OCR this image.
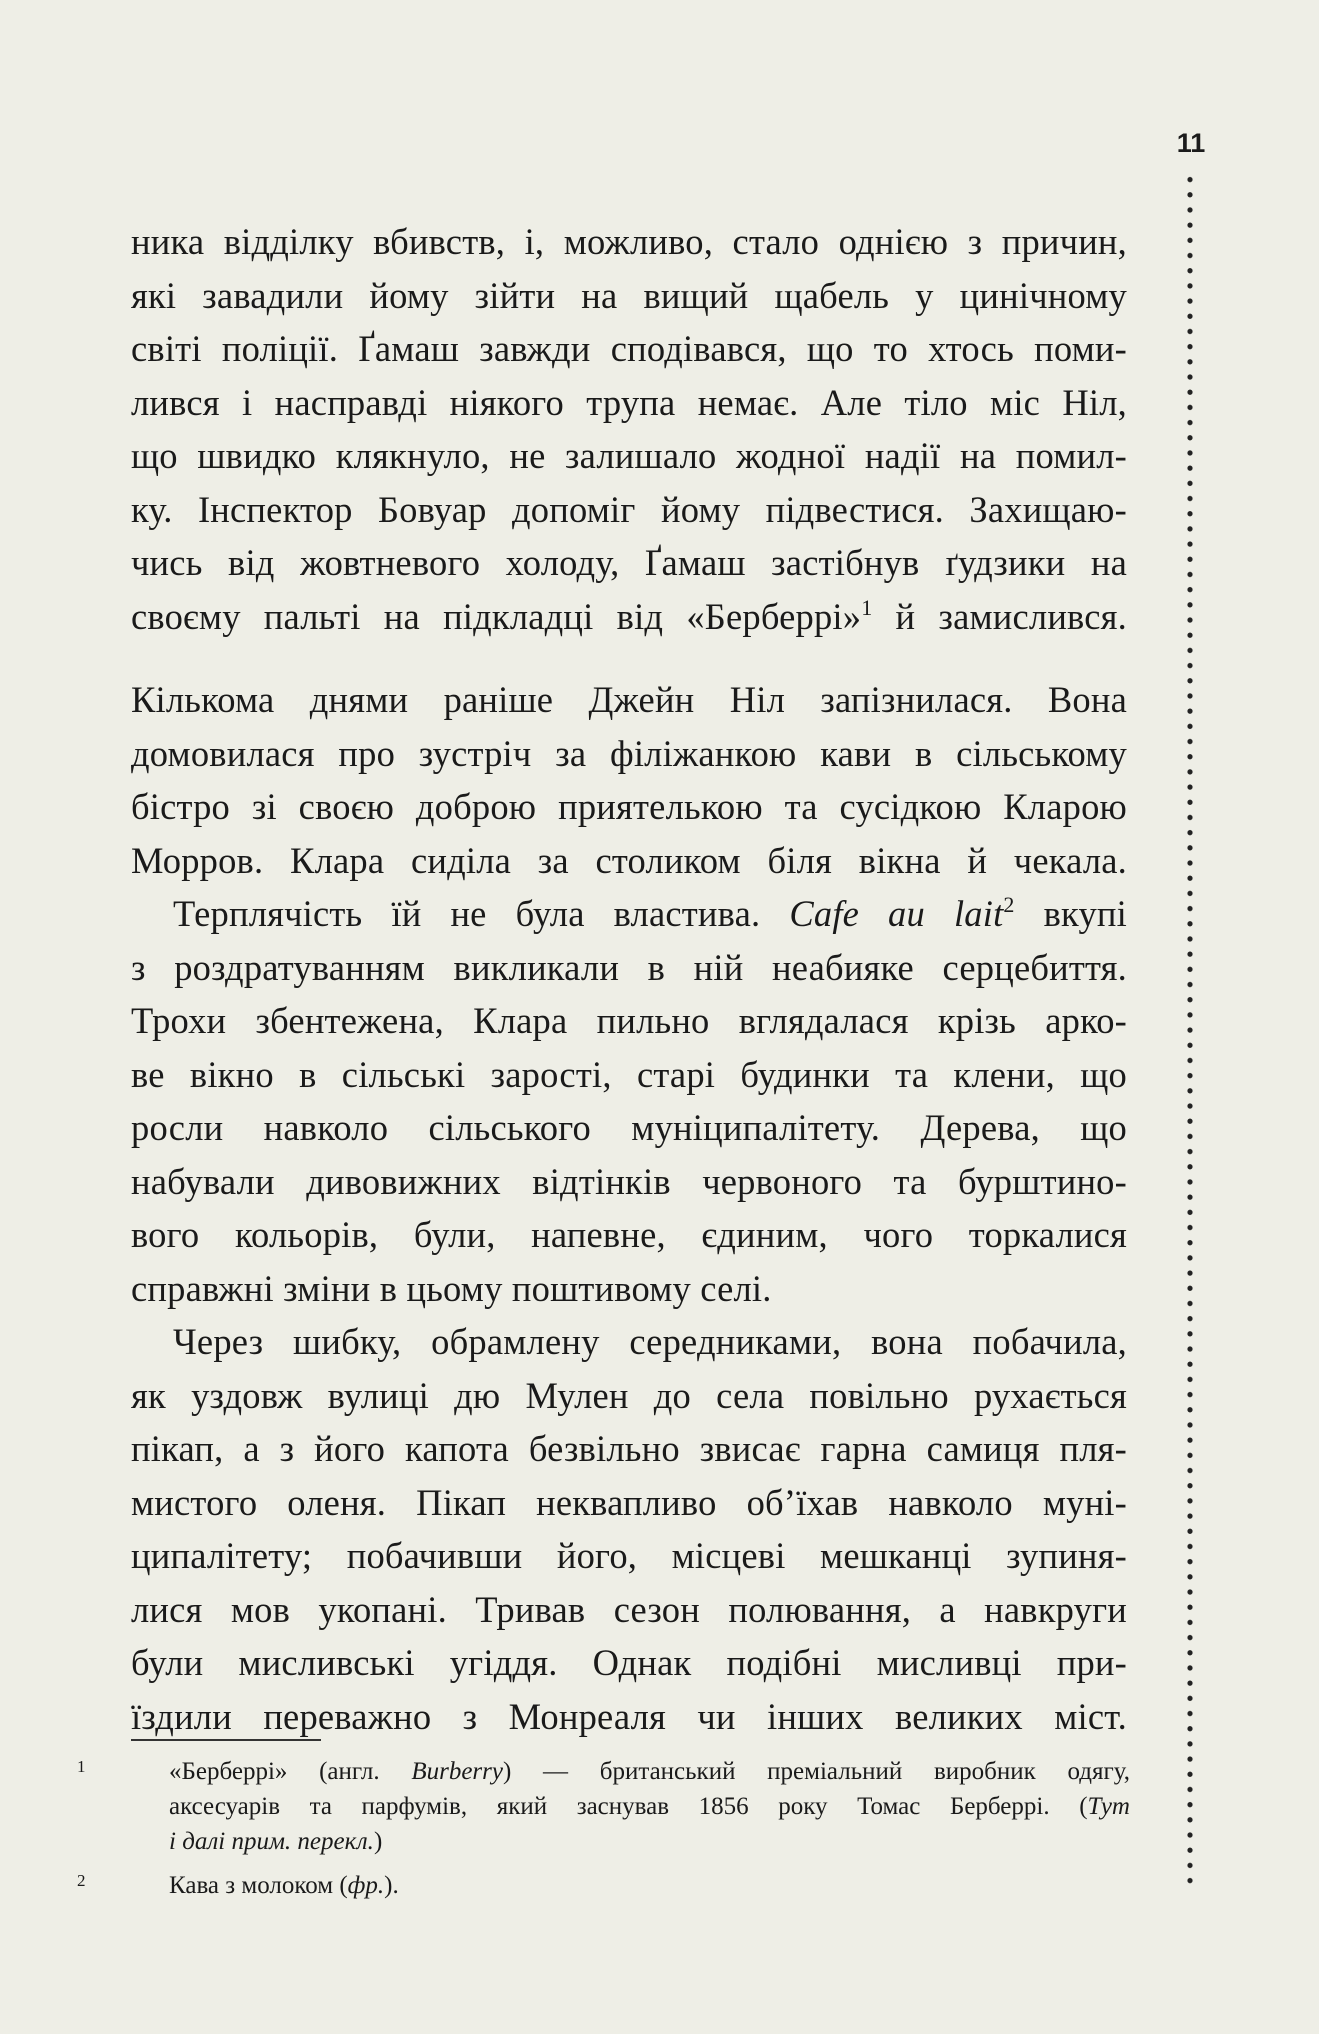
11
ника відділку вбивств, і, можливо, стало однією з причин,
які завадили йому зійти на вищий щабель у цинічному
світі поліції. Ґамаш завжди сподівався, що то хтось поми-
лився і насправді ніякого трупа немає. Але тіло міс Ніл,
що швидко клякнуло, не залишало жодної надії на помил-
ку. Інспектор Бовуар допоміг йому підвестися. Захищаю-
чись від жовтневого холоду, Ґамаш застібнув ґудзики на
своєму пальті на підкладці від «Берберрі»$^1$ й замислився.
Кількома днями раніше Джейн Ніл запізнилася. Вона
домовилася про зустріч за філіжанкою кави в сільському
бістро зі своєю доброю приятелькою та сусідкою Кларою
Морров. Клара сиділа за столиком біля вікна й чекала.
Терплячість їй не була властива. Cafe au lait$^2$ вкупі
з роздратуванням викликали в ній неабияке серцебиття.
Трохи збентежена, Клара пильно вглядалася крізь арко-
ве вікно в сільські зарості, старі будинки та клени, що
росли навколо сільського муніципалітету. Дерева, що
набували дивовижних відтінків червоного та бурштино-
вого кольорів, були, напевне, єдиним, чого торкалися
справжні зміни в цьому поштивому селі.
Через шибку, обрамлену середниками, вона побачила,
як уздовж вулиці дю Мулен до села повільно рухається
пікап, а з його капота безвільно звисає гарна самиця пля-
мистого оленя. Пікап неквапливо об’їхав навколо муні-
ципалітету; побачивши його, місцеві мешканці зупиня-
лися мов укопані. Тривав сезон полювання, а навкруги
були мисливські угіддя. Однак подібні мисливці при-
їздили переважно з Монреаля чи інших великих міст.
1	«Берберрі» (англ. Burberry) — британський преміальний виробник одягу,
аксесуарів та парфумів, який заснував 1856 року Томас Берберрі. (Тут
і далі прим. перекл.)
2	Кава з молоком (фр.).
